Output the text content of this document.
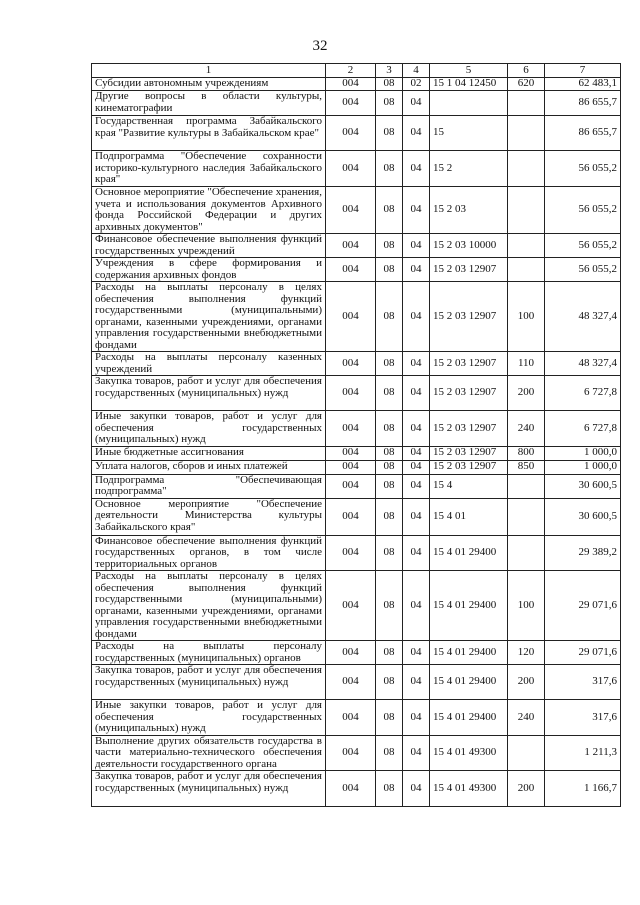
32
1	2	3	4	5	6	7
Субсидии автономным учреждениям	004	08	02	15 1 04 12450	620	62 483,1
Другие вопросы в области культуры, кинематографии	004	08	04			86 655,7
Государственная программа Забайкальского края "Развитие культуры в Забайкальском крае"	004	08	04	15		86 655,7
Подпрограмма "Обеспечение сохранности историко-культурного наследия Забайкальского края"	004	08	04	15 2		56 055,2
Основное мероприятие "Обеспечение хранения, учета и использования документов Архивного фонда Российской Федерации и других архивных документов"	004	08	04	15 2 03		56 055,2
Финансовое обеспечение выполнения функций государственных учреждений	004	08	04	15 2 03 10000		56 055,2
Учреждения в сфере формирования и содержания архивных фондов	004	08	04	15 2 03 12907		56 055,2
Расходы на выплаты персоналу в целях обеспечения выполнения функций государственными (муниципальными) органами, казенными учреждениями, органами управления государственными внебюджетными фондами	004	08	04	15 2 03 12907	100	48 327,4
Расходы на выплаты персоналу казенных учреждений	004	08	04	15 2 03 12907	110	48 327,4
Закупка товаров, работ и услуг для обеспечения государственных (муниципальных) нужд	004	08	04	15 2 03 12907	200	6 727,8
Иные закупки товаров, работ и услуг для обеспечения государственных (муниципальных) нужд	004	08	04	15 2 03 12907	240	6 727,8
Иные бюджетные ассигнования	004	08	04	15 2 03 12907	800	1 000,0
Уплата налогов, сборов и иных платежей	004	08	04	15 2 03 12907	850	1 000,0
Подпрограмма "Обеспечивающая подпрограмма"	004	08	04	15 4		30 600,5
Основное мероприятие "Обеспечение деятельности Министерства культуры Забайкальского края"	004	08	04	15 4 01		30 600,5
Финансовое обеспечение выполнения функций государственных органов, в том числе территориальных органов	004	08	04	15 4 01 29400		29 389,2
Расходы на выплаты персоналу в целях обеспечения выполнения функций государственными (муниципальными) органами, казенными учреждениями, органами управления государственными внебюджетными фондами	004	08	04	15 4 01 29400	100	29 071,6
Расходы на выплаты персоналу государственных (муниципальных) органов	004	08	04	15 4 01 29400	120	29 071,6
Закупка товаров, работ и услуг для обеспечения государственных (муниципальных) нужд	004	08	04	15 4 01 29400	200	317,6
Иные закупки товаров, работ и услуг для обеспечения государственных (муниципальных) нужд	004	08	04	15 4 01 29400	240	317,6
Выполнение других обязательств государства в части материально-технического обеспечения деятельности государственного органа	004	08	04	15 4 01 49300		1 211,3
Закупка товаров, работ и услуг для обеспечения государственных (муниципальных) нужд	004	08	04	15 4 01 49300	200	1 166,7
